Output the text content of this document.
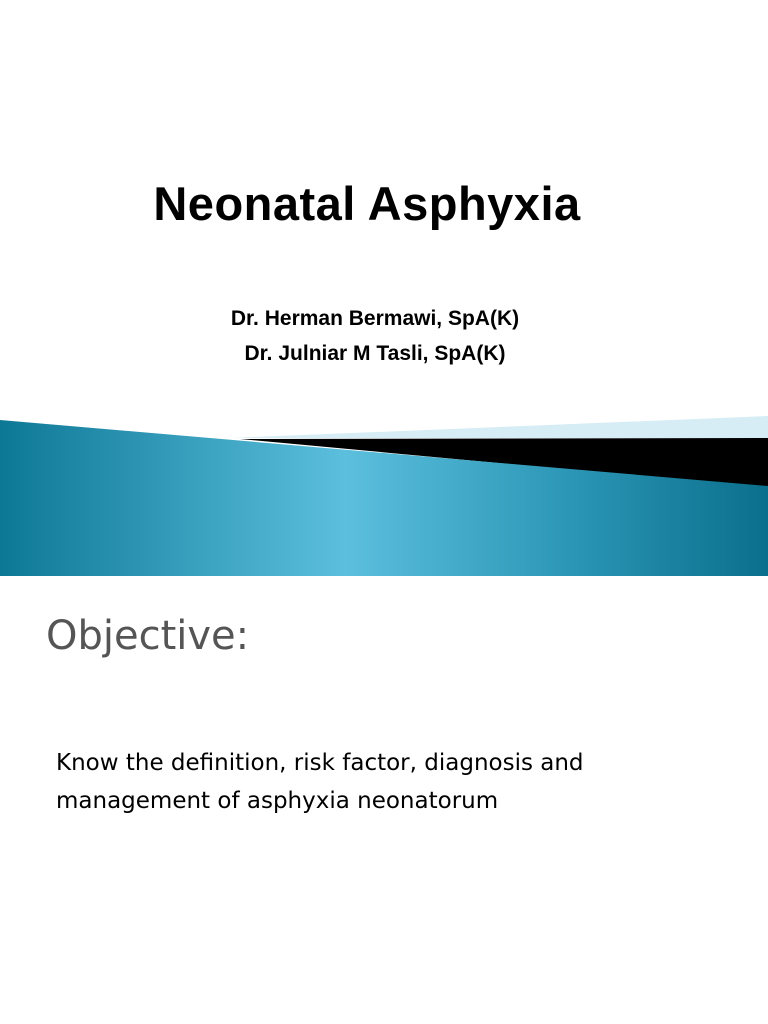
Neonatal Asphyxia

Dr. Herman Bermawi, SpA(K)

Dr. Julniar M Tasli, SpA(K)

Objective:

Know the definition, risk factor, diagnosis and management of asphyxia neonatorum
